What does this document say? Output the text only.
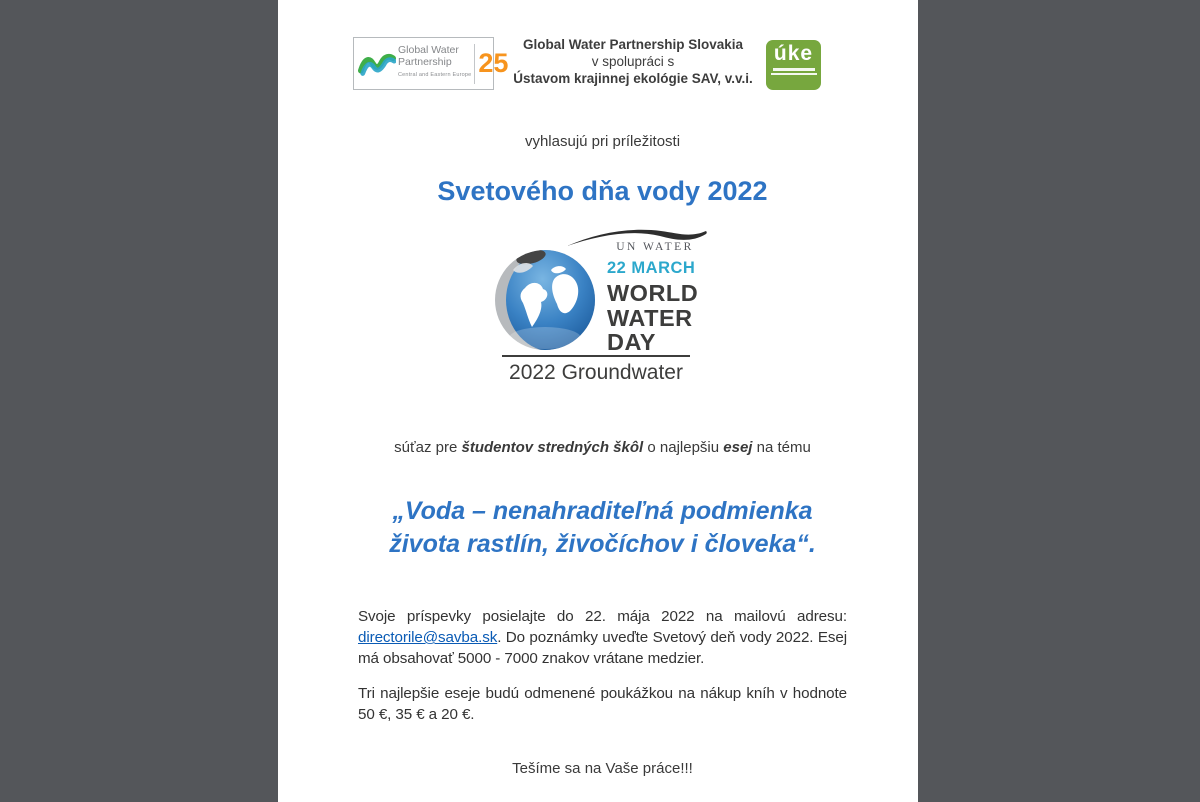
Global Water
Partnership
Central and Eastern Europe 25
Global Water Partnership Slovakia
v spolupráci s
Ústavom krajinnej ekológie SAV, v.v.i.
úke
vyhlasujú pri príležitosti
Svetového dňa vody 2022
UN WATER
22 MARCH
WORLD
WATER
DAY
2022 Groundwater
súťaz pre študentov stredných škôl o najlepšiu esej na tému
„Voda – nenahraditeľná podmienka
života rastlín, živočíchov i človeka“.
Svoje príspevky posielajte do 22. mája 2022 na mailovú adresu: directorile@savba.sk. Do poznámky uveďte Svetový deň vody 2022. Esej má obsahovať 5000 - 7000 znakov vrátane medzier.
Tri najlepšie eseje budú odmenené poukážkou na nákup kníh v hodnote 50 €, 35 € a 20 €.
Tešíme sa na Vaše práce!!!
